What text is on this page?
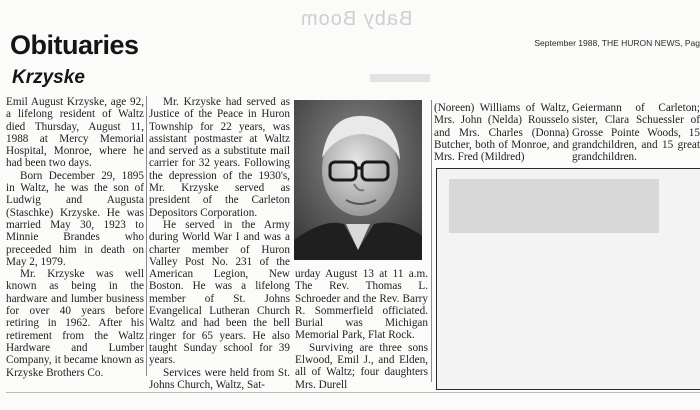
Baby Boom
September 1988, THE HURON NEWS, Pag
Obituaries
Krzyske

Emil August Krzyske, age 92, a lifelong resident of Waltz died Thursday, August 11, 1988 at Mercy Memorial Hospital, Monroe, where he had been two days.

Born December 29, 1895 in Waltz, he was the son of Ludwig and Augusta (Staschke) Krzyske. He was married May 30, 1923 to Minnie Brandes who preceeded him in death on May 2, 1979.

Mr. Krzyske was well known as being in the hardware and lumber business for over 40 years before retiring in 1962. After his retirement from the Waltz Hardware and Lumber Company, it became known as Krzyske Brothers Co.

Mr. Krzyske had served as Justice of the Peace in Huron Township for 22 years, was assistant postmaster at Waltz and served as a substitute mail carrier for 32 years. Following the depression of the 1930's, Mr. Krzyske served as president of the Carleton Depositors Corporation.

He served in the Army during World War I and was a charter member of Huron Valley Post No. 231 of the American Legion, New Boston. He was a lifelong member of St. Johns Evangelical Lutheran Church Waltz and had been the bell ringer for 65 years. He also taught Sunday school for 39 years.

Services were held from St. Johns Church, Waltz, Sat-

urday August 13 at 11 a.m. The Rev. Thomas L. Schroeder and the Rev. Barry R. Sommerfield officiated. Burial was Michigan Memorial Park, Flat Rock.

Surviving are three sons Elwood, Emil J., and Elden, all of Waltz; four daughters Mrs. Durell

(Noreen) Williams of Waltz, Mrs. John (Nelda) Rousselo and Mrs. Charles (Donna) Butcher, both of Monroe, and Mrs. Fred (Mildred)

Geiermann of Carleton; sister, Clara Schuessler of Grosse Pointe Woods, 15 grandchildren, and 15 great grandchildren.
